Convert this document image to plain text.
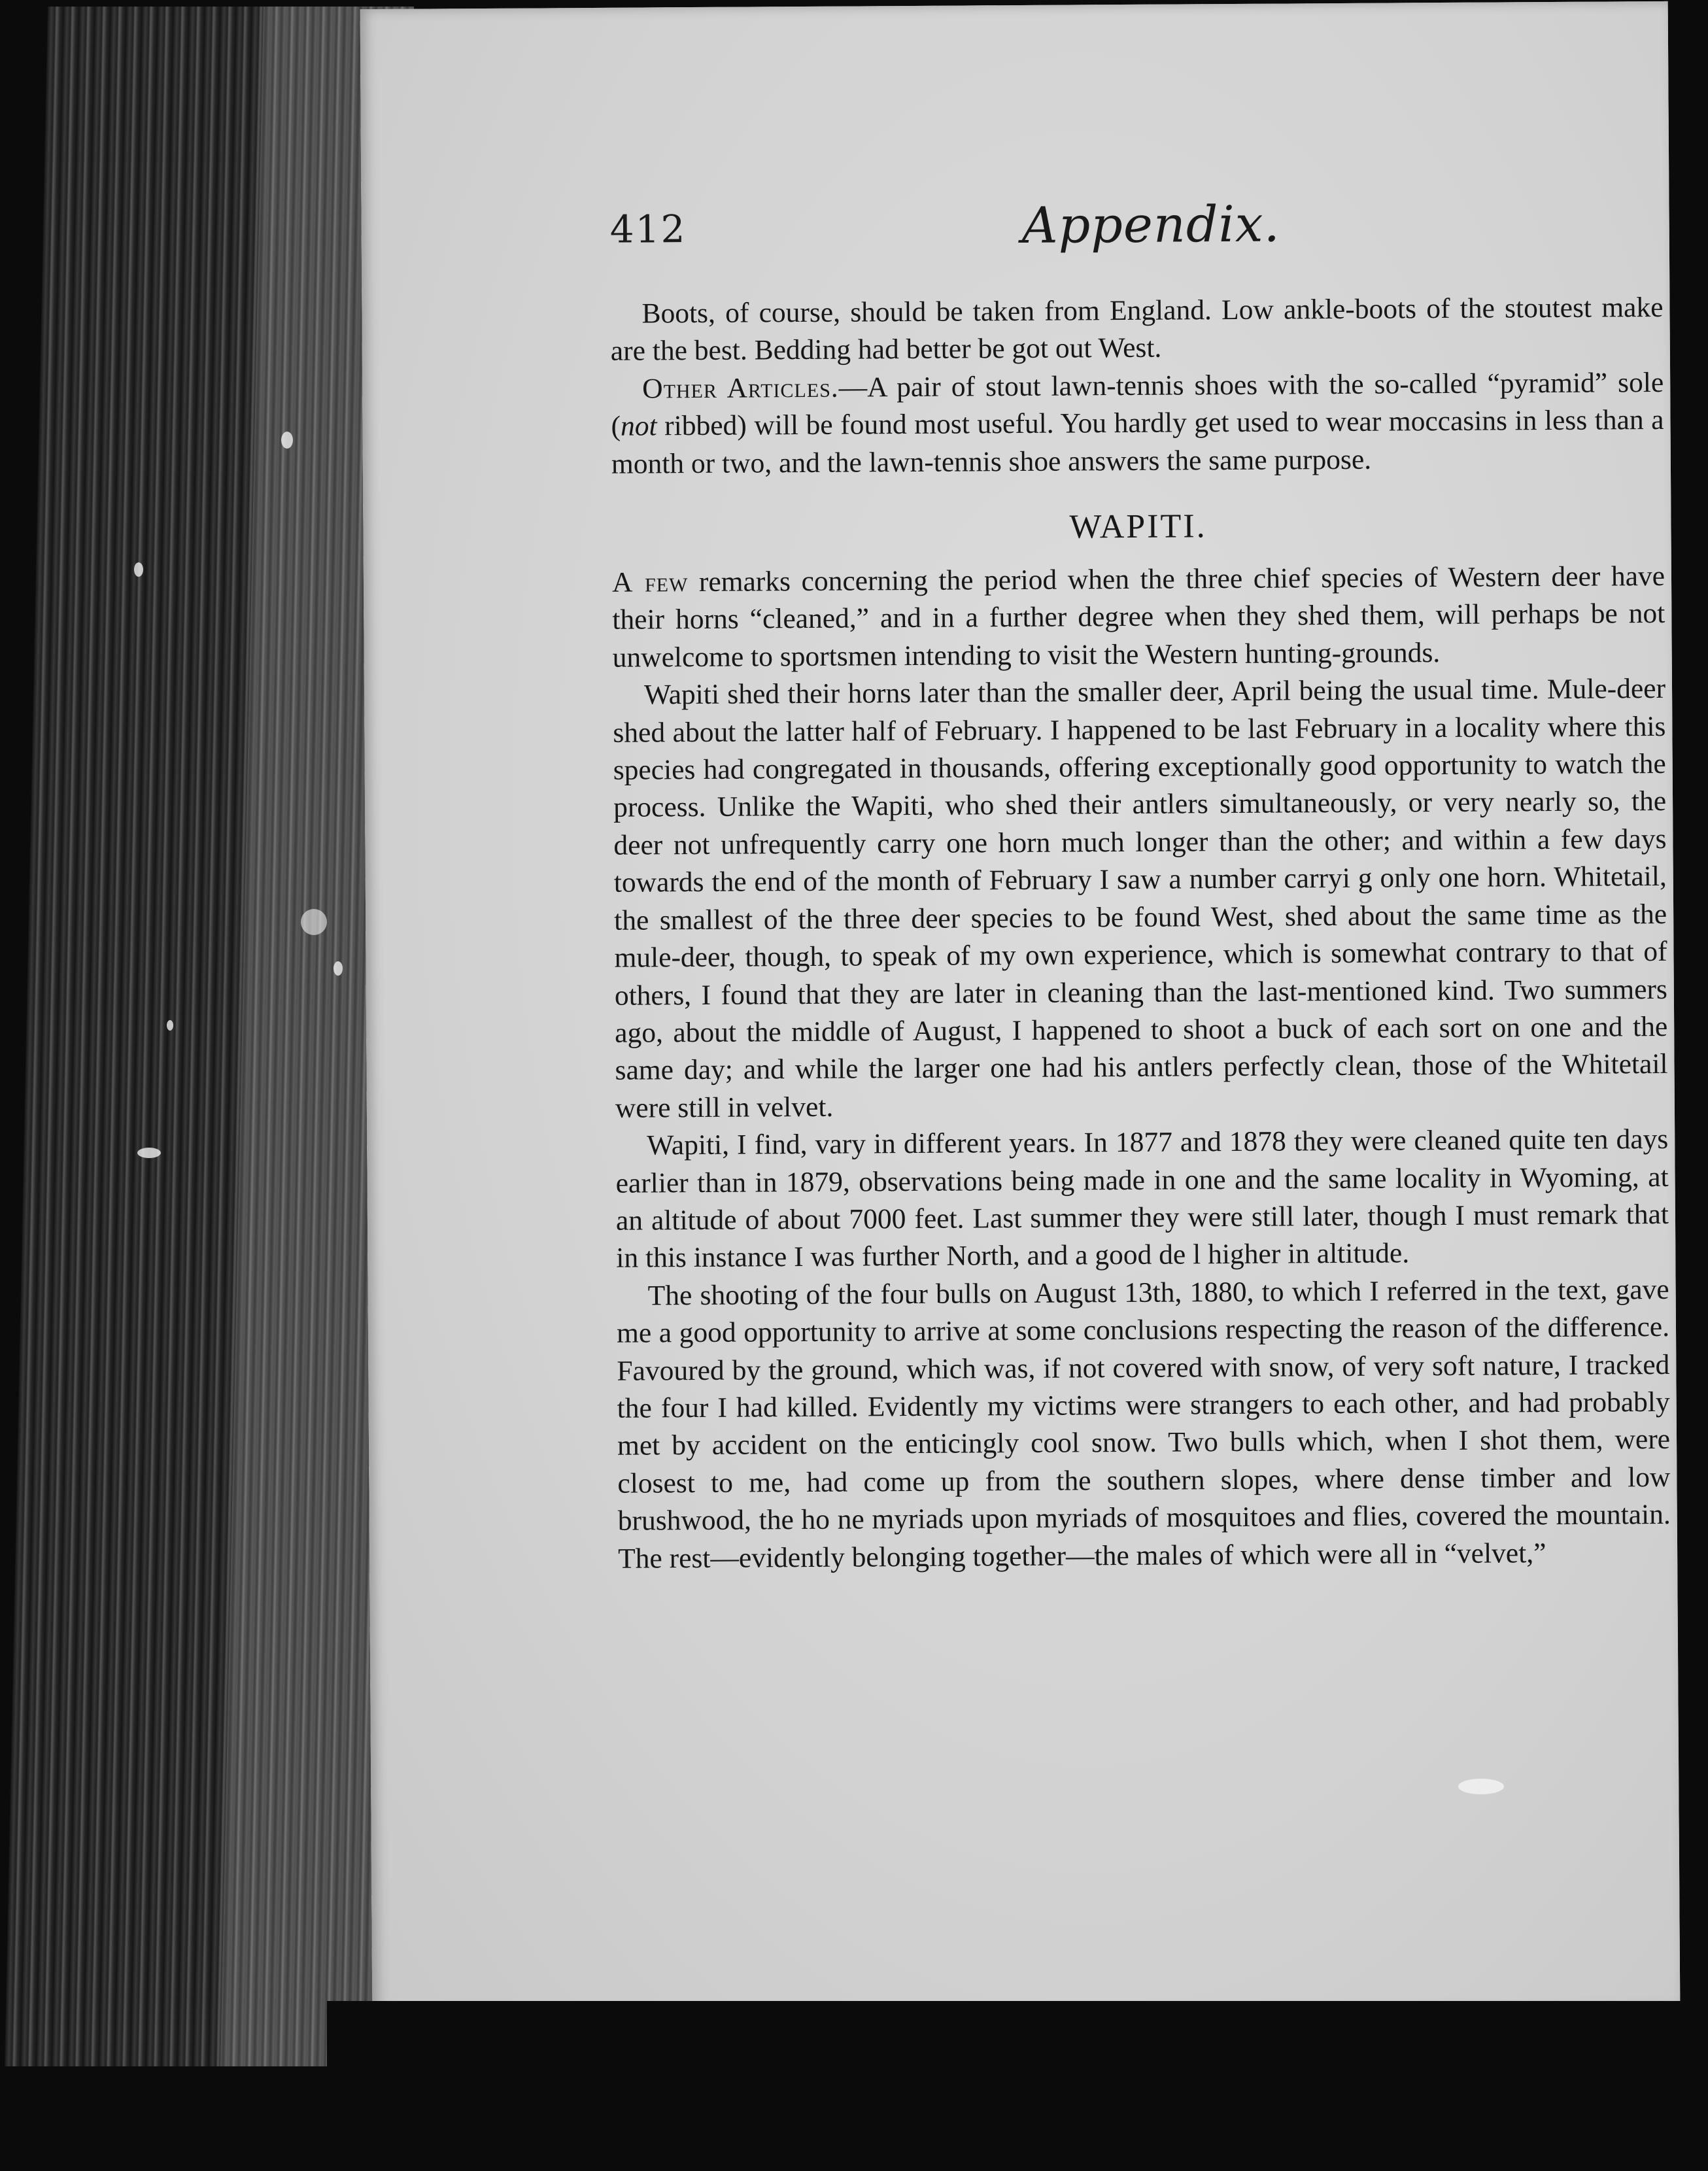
412	Appendix.

Boots, of course, should be taken from England. Low ankle-boots of the stoutest make are the best. Bedding had better be got out West.

Other Articles.—A pair of stout lawn-tennis shoes with the so-called “pyramid” sole (not ribbed) will be found most useful. You hardly get used to wear moccasins in less than a month or two, and the lawn-tennis shoe answers the same purpose.

WAPITI.

A few remarks concerning the period when the three chief species of Western deer have their horns “cleaned,” and in a further degree when they shed them, will perhaps be not unwelcome to sportsmen intending to visit the Western hunting-grounds.

Wapiti shed their horns later than the smaller deer, April being the usual time. Mule-deer shed about the latter half of February. I happened to be last February in a locality where this species had congregated in thousands, offering exceptionally good opportunity to watch the process. Unlike the Wapiti, who shed their antlers simultaneously, or very nearly so, the deer not unfrequently carry one horn much longer than the other; and within a few days towards the end of the month of February I saw a number carryi g only one horn. Whitetail, the smallest of the three deer species to be found West, shed about the same time as the mule-deer, though, to speak of my own experience, which is somewhat contrary to that of others, I found that they are later in cleaning than the last-mentioned kind. Two summers ago, about the middle of August, I happened to shoot a buck of each sort on one and the same day; and while the larger one had his antlers perfectly clean, those of the Whitetail were still in velvet.

Wapiti, I find, vary in different years. In 1877 and 1878 they were cleaned quite ten days earlier than in 1879, observations being made in one and the same locality in Wyoming, at an altitude of about 7000 feet. Last summer they were still later, though I must remark that in this instance I was further North, and a good de l higher in altitude.

The shooting of the four bulls on August 13th, 1880, to which I referred in the text, gave me a good opportunity to arrive at some conclusions respecting the reason of the difference. Favoured by the ground, which was, if not covered with snow, of very soft nature, I tracked the four I had killed. Evidently my victims were strangers to each other, and had probably met by accident on the enticingly cool snow. Two bulls which, when I shot them, were closest to me, had come up from the southern slopes, where dense timber and low brushwood, the ho ne myriads upon myriads of mosquitoes and flies, covered the mountain. The rest—evidently belonging together—the males of which were all in “velvet,”
